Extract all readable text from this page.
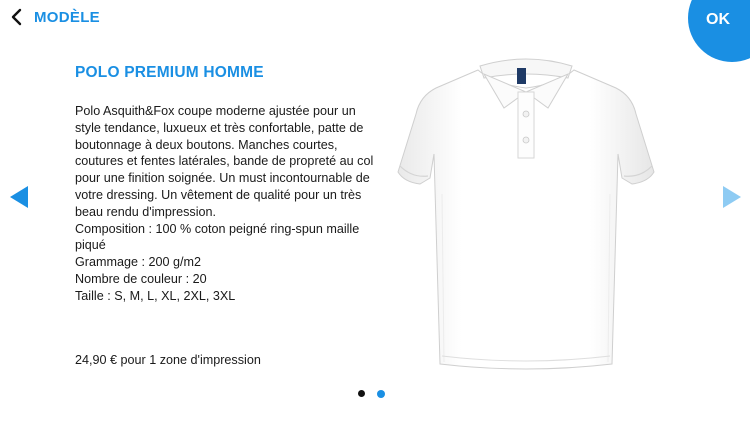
MODÈLE	OK
POLO PREMIUM HOMME

Polo Asquith&Fox coupe moderne ajustée pour un style tendance, luxueux et très confortable, patte de boutonnage à deux boutons. Manches courtes, coutures et fentes latérales, bande de propreté au col pour une finition soignée. Un must incontournable de votre dressing. Un vêtement de qualité pour un très beau rendu d'impression.

Composition : 100 % coton peigné ring-spun maille piqué

Grammage : 200 g/m2

Nombre de couleur : 20

Taille : S, M, L, XL, 2XL, 3XL

24,90 € pour 1 zone d'impression
